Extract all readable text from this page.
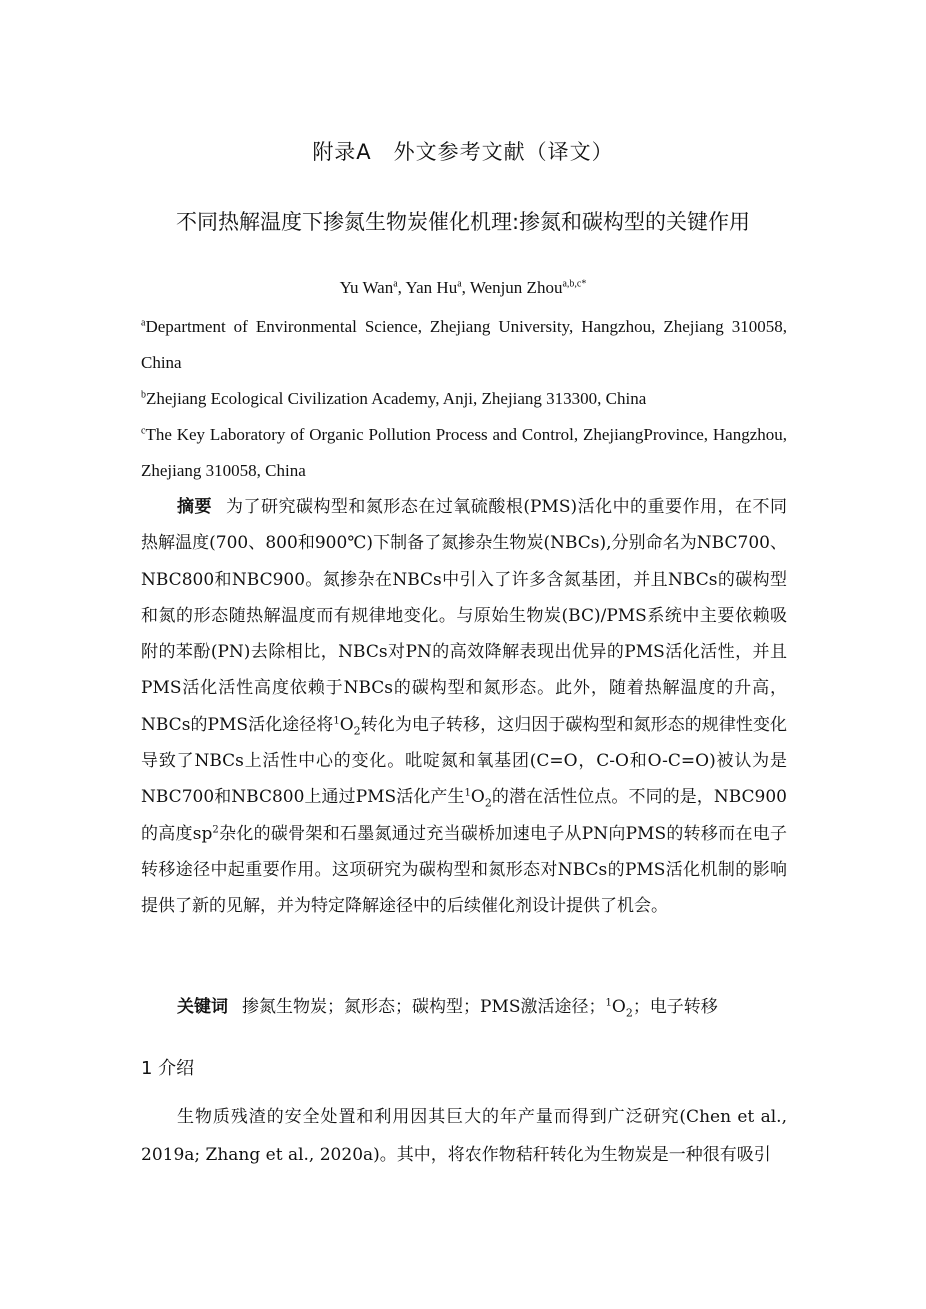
附录A　外文参考文献（译文）
不同热解温度下掺氮生物炭催化机理:掺氮和碳构型的关键作用
Yu Wan$^a$, Yan Hu$^a$, Wenjun Zhou$^{a,b,c*}$
$^a$Department of Environmental Science, Zhejiang University, Hangzhou, Zhejiang 310058, China
$^b$Zhejiang Ecological Civilization Academy, Anji, Zhejiang 313300, China
$^c$The Key Laboratory of Organic Pollution Process and Control, ZhejiangProvince, Hangzhou, Zhejiang 310058, China
摘要 为了研究碳构型和氮形态在过氧硫酸根(PMS)活化中的重要作用，在不同热解温度(700、800和900℃)下制备了氮掺杂生物炭(NBCs),分别命名为NBC700、NBC800和NBC900。氮掺杂在NBCs中引入了许多含氮基团，并且NBCs的碳构型和氮的形态随热解温度而有规律地变化。与原始生物炭(BC)/PMS系统中主要依赖吸附的苯酚(PN)去除相比，NBCs对PN的高效降解表现出优异的PMS活化活性，并且PMS活化活性高度依赖于NBCs的碳构型和氮形态。此外，随着热解温度的升高，NBCs的PMS活化途径将$^1O_2$转化为电子转移，这归因于碳构型和氮形态的规律性变化导致了NBCs上活性中心的变化。吡啶氮和氧基团(C=O，C-O和O-C=O)被认为是NBC700和NBC800上通过PMS活化产生$^1O_2$的潜在活性位点。不同的是，NBC900的高度$sp^2$杂化的碳骨架和石墨氮通过充当碳桥加速电子从PN向PMS的转移而在电子转移途径中起重要作用。这项研究为碳构型和氮形态对NBCs的PMS活化机制的影响提供了新的见解，并为特定降解途径中的后续催化剂设计提供了机会。
关键词 掺氮生物炭；氮形态；碳构型；PMS激活途径；$^1O_2$；电子转移
1 介绍
生物质残渣的安全处置和利用因其巨大的年产量而得到广泛研究(Chen et al., 2019a; Zhang et al., 2020a)。其中，将农作物秸秆转化为生物炭是一种很有吸引
